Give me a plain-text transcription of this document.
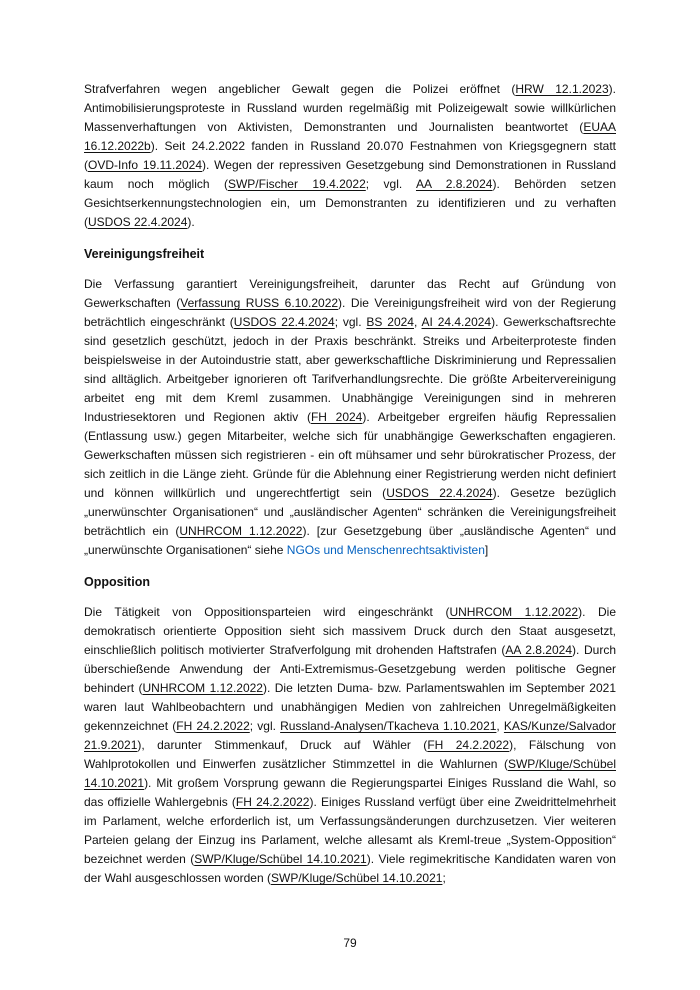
Strafverfahren wegen angeblicher Gewalt gegen die Polizei eröffnet (HRW 12.1.2023). Antimobilisierungsproteste in Russland wurden regelmäßig mit Polizeigewalt sowie willkürlichen Massenverhaftungen von Aktivisten, Demonstranten und Journalisten beantwortet (EUAA 16.12.2022b). Seit 24.2.2022 fanden in Russland 20.070 Festnahmen von Kriegsgegnern statt (OVD-Info 19.11.2024). Wegen der repressiven Gesetzgebung sind Demonstrationen in Russland kaum noch möglich (SWP/Fischer 19.4.2022; vgl. AA 2.8.2024). Behörden setzen Gesichtserkennungstechnologien ein, um Demonstranten zu identifizieren und zu verhaften (USDOS 22.4.2024).

Vereinigungsfreiheit

Die Verfassung garantiert Vereinigungsfreiheit, darunter das Recht auf Gründung von Gewerkschaften (Verfassung RUSS 6.10.2022). Die Vereinigungsfreiheit wird von der Regierung beträchtlich eingeschränkt (USDOS 22.4.2024; vgl. BS 2024, AI 24.4.2024). Gewerkschaftsrechte sind gesetzlich geschützt, jedoch in der Praxis beschränkt. Streiks und Arbeiterproteste finden beispielsweise in der Autoindustrie statt, aber gewerkschaftliche Diskriminierung und Repressalien sind alltäglich. Arbeitgeber ignorieren oft Tarifverhandlungsrechte. Die größte Arbeitervereinigung arbeitet eng mit dem Kreml zusammen. Unabhängige Vereinigungen sind in mehreren Industriesektoren und Regionen aktiv (FH 2024). Arbeitgeber ergreifen häufig Repressalien (Entlassung usw.) gegen Mitarbeiter, welche sich für unabhängige Gewerkschaften engagieren. Gewerkschaften müssen sich registrieren - ein oft mühsamer und sehr bürokratischer Prozess, der sich zeitlich in die Länge zieht. Gründe für die Ablehnung einer Registrierung werden nicht definiert und können willkürlich und ungerechtfertigt sein (USDOS 22.4.2024). Gesetze bezüglich „unerwünschter Organisationen“ und „ausländischer Agenten“ schränken die Vereinigungsfreiheit beträchtlich ein (UNHRCOM 1.12.2022). [zur Gesetzgebung über „ausländische Agenten“ und „unerwünschte Organisationen“ siehe NGOs und Menschenrechtsaktivisten]

Opposition

Die Tätigkeit von Oppositionsparteien wird eingeschränkt (UNHRCOM 1.12.2022). Die demokratisch orientierte Opposition sieht sich massivem Druck durch den Staat ausgesetzt, einschließlich politisch motivierter Strafverfolgung mit drohenden Haftstrafen (AA 2.8.2024). Durch überschießende Anwendung der Anti-Extremismus-Gesetzgebung werden politische Gegner behindert (UNHRCOM 1.12.2022). Die letzten Duma- bzw. Parlamentswahlen im September 2021 waren laut Wahlbeobachtern und unabhängigen Medien von zahlreichen Unregelmäßigkeiten gekennzeichnet (FH 24.2.2022; vgl. Russland-Analysen/Tkacheva 1.10.2021, KAS/Kunze/Salvador 21.9.2021), darunter Stimmenkauf, Druck auf Wähler (FH 24.2.2022), Fälschung von Wahlprotokollen und Einwerfen zusätzlicher Stimmzettel in die Wahlurnen (SWP/Kluge/Schübel 14.10.2021). Mit großem Vorsprung gewann die Regierungspartei Einiges Russland die Wahl, so das offizielle Wahlergebnis (FH 24.2.2022). Einiges Russland verfügt über eine Zweidrittelmehrheit im Parlament, welche erforderlich ist, um Verfassungsänderungen durchzusetzen. Vier weiteren Parteien gelang der Einzug ins Parlament, welche allesamt als Kreml-treue „System-Opposition“ bezeichnet werden (SWP/Kluge/Schübel 14.10.2021). Viele regimekritische Kandidaten waren von der Wahl ausgeschlossen worden (SWP/Kluge/Schübel 14.10.2021;

79
